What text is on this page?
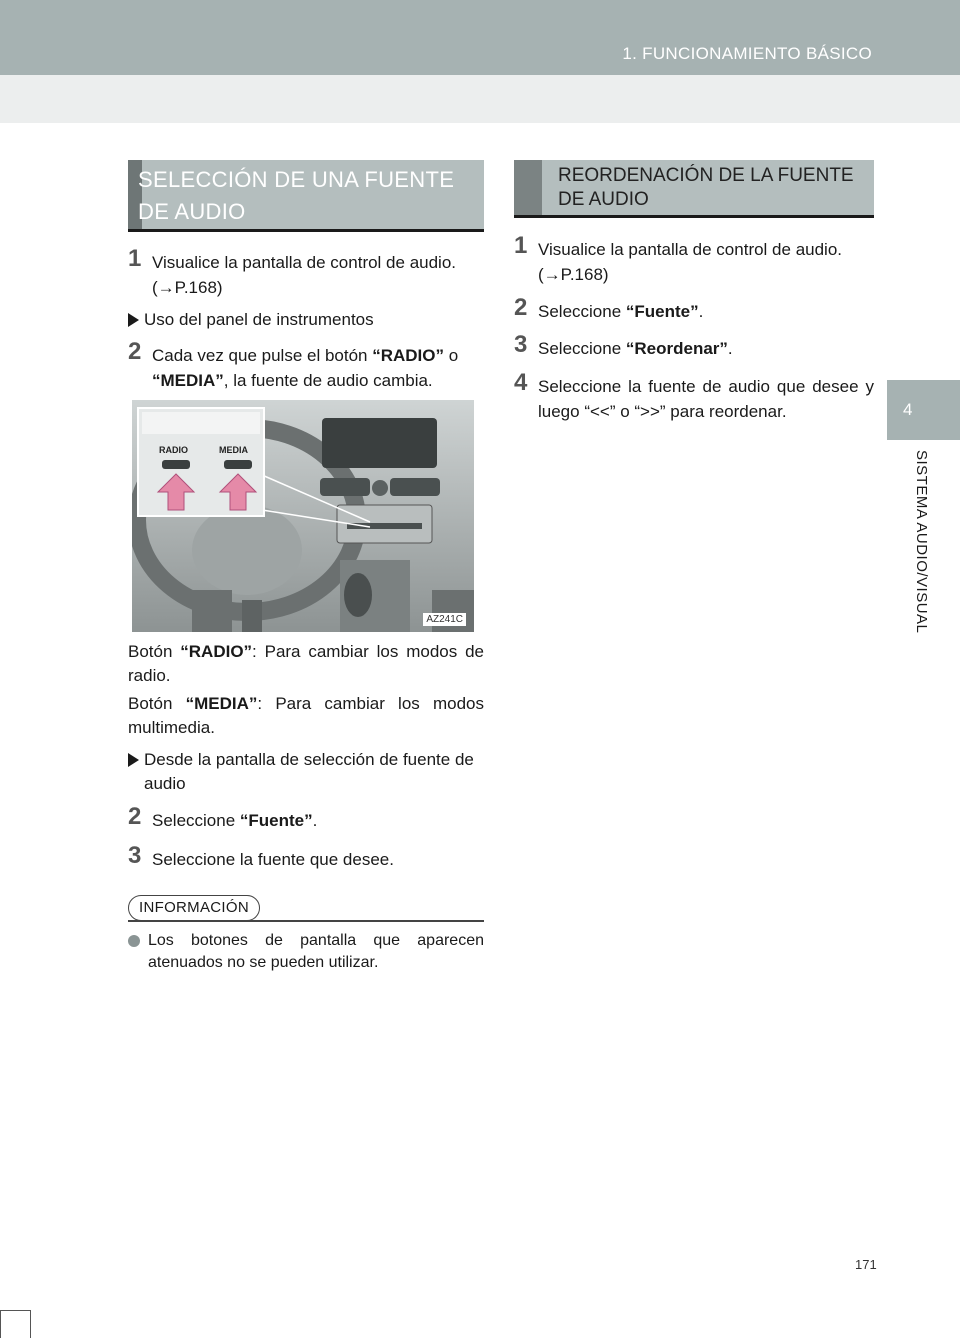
1. FUNCIONAMIENTO BÁSICO
4
SISTEMA AUDIO/VISUAL
SELECCIÓN DE UNA FUENTE DE AUDIO
1 Visualice la pantalla de control de audio. (→P.168)
Uso del panel de instrumentos
2 Cada vez que pulse el botón “RADIO” o “MEDIA”, la fuente de audio cambia.
RADIO	MEDIA
AZ241C
Botón “RADIO”: Para cambiar los modos de radio.
Botón “MEDIA”: Para cambiar los modos multimedia.
Desde la pantalla de selección de fuente de audio
2 Seleccione “Fuente”.
3 Seleccione la fuente que desee.
INFORMACIÓN
Los botones de pantalla que aparecen atenuados no se pueden utilizar.
REORDENACIÓN DE LA FUENTE DE AUDIO
1 Visualice la pantalla de control de audio. (→P.168)
2 Seleccione “Fuente”.
3 Seleccione “Reordenar”.
4 Seleccione la fuente de audio que desee y luego “<<” o “>>” para reordenar.
171
